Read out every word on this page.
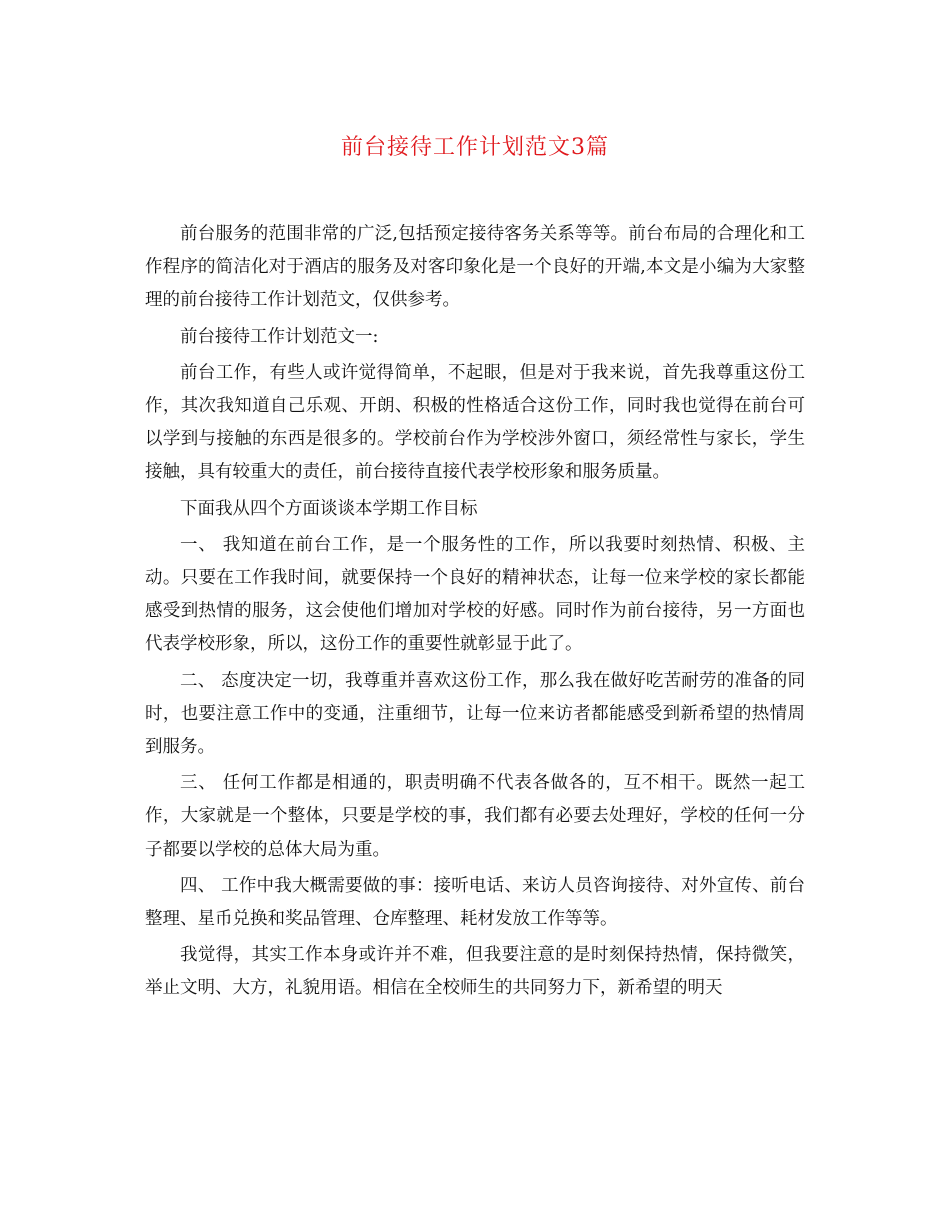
前台接待工作计划范文3篇

前台服务的范围非常的广泛,包括预定接待客务关系等等。前台布局的合理化和工作程序的简洁化对于酒店的服务及对客印象化是一个良好的开端,本文是小编为大家整理的前台接待工作计划范文，仅供参考。

前台接待工作计划范文一:

前台工作，有些人或许觉得简单，不起眼，但是对于我来说，首先我尊重这份工作，其次我知道自己乐观、开朗、积极的性格适合这份工作，同时我也觉得在前台可以学到与接触的东西是很多的。学校前台作为学校涉外窗口，须经常性与家长，学生接触，具有较重大的责任，前台接待直接代表学校形象和服务质量。

下面我从四个方面谈谈本学期工作目标

一、 我知道在前台工作，是一个服务性的工作，所以我要时刻热情、积极、主动。只要在工作我时间，就要保持一个良好的精神状态，让每一位来学校的家长都能感受到热情的服务，这会使他们增加对学校的好感。同时作为前台接待，另一方面也代表学校形象，所以，这份工作的重要性就彰显于此了。

二、 态度决定一切，我尊重并喜欢这份工作，那么我在做好吃苦耐劳的准备的同时，也要注意工作中的变通，注重细节，让每一位来访者都能感受到新希望的热情周到服务。

三、 任何工作都是相通的，职责明确不代表各做各的，互不相干。既然一起工作，大家就是一个整体，只要是学校的事，我们都有必要去处理好，学校的任何一分子都要以学校的总体大局为重。

四、 工作中我大概需要做的事：接听电话、来访人员咨询接待、对外宣传、前台整理、星币兑换和奖品管理、仓库整理、耗材发放工作等等。

我觉得，其实工作本身或许并不难，但我要注意的是时刻保持热情，保持微笑，举止文明、大方，礼貌用语。相信在全校师生的共同努力下，新希望的明天
